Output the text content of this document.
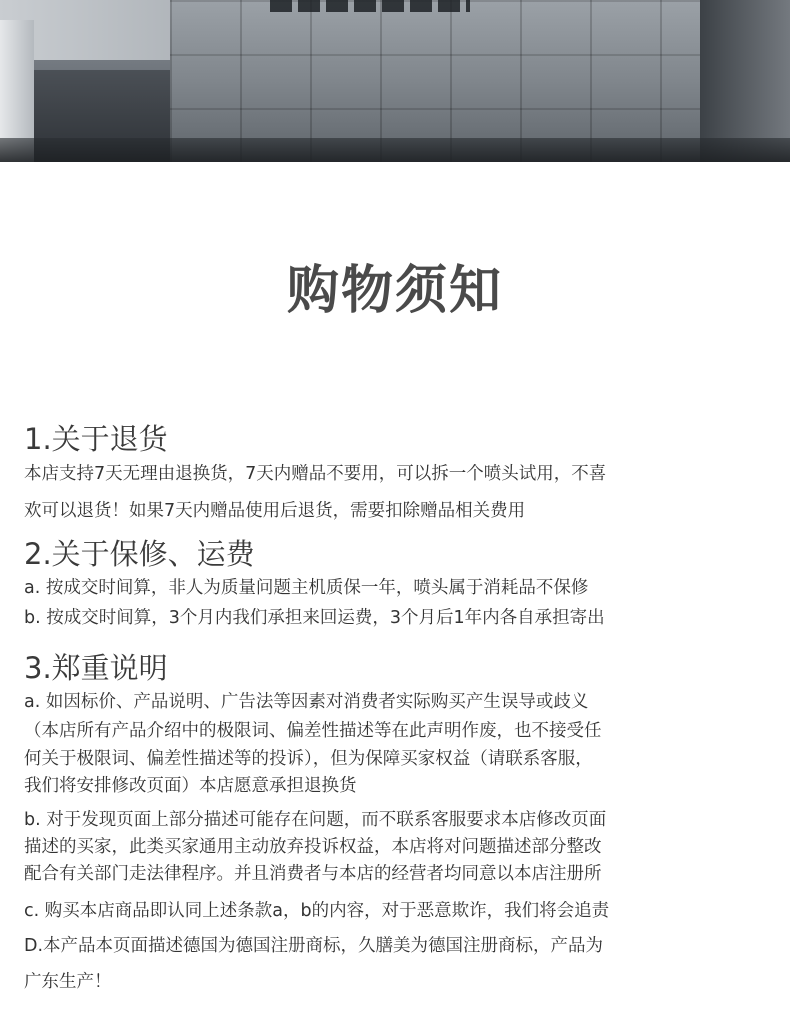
购物须知
1.关于退货

本店支持7天无理由退换货，7天内赠品不要用，可以拆一个喷头试用，不喜

欢可以退货！如果7天内赠品使用后退货，需要扣除赠品相关费用

2.关于保修、运费

a. 按成交时间算，非人为质量问题主机质保一年，喷头属于消耗品不保修

b. 按成交时间算，3个月内我们承担来回运费，3个月后1年内各自承担寄出

3.郑重说明

a. 如因标价、产品说明、广告法等因素对消费者实际购买产生误导或歧义

（本店所有产品介绍中的极限词、偏差性描述等在此声明作废，也不接受任

何关于极限词、偏差性描述等的投诉），但为保障买家权益（请联系客服，

我们将安排修改页面）本店愿意承担退换货

b. 对于发现页面上部分描述可能存在问题，而不联系客服要求本店修改页面

描述的买家，此类买家通用主动放弃投诉权益，本店将对问题描述部分整改

配合有关部门走法律程序。并且消费者与本店的经营者均同意以本店注册所

c. 购买本店商品即认同上述条款a，b的内容，对于恶意欺诈，我们将会追责

D.本产品本页面描述德国为德国注册商标，久膳美为德国注册商标，产品为

广东生产！
